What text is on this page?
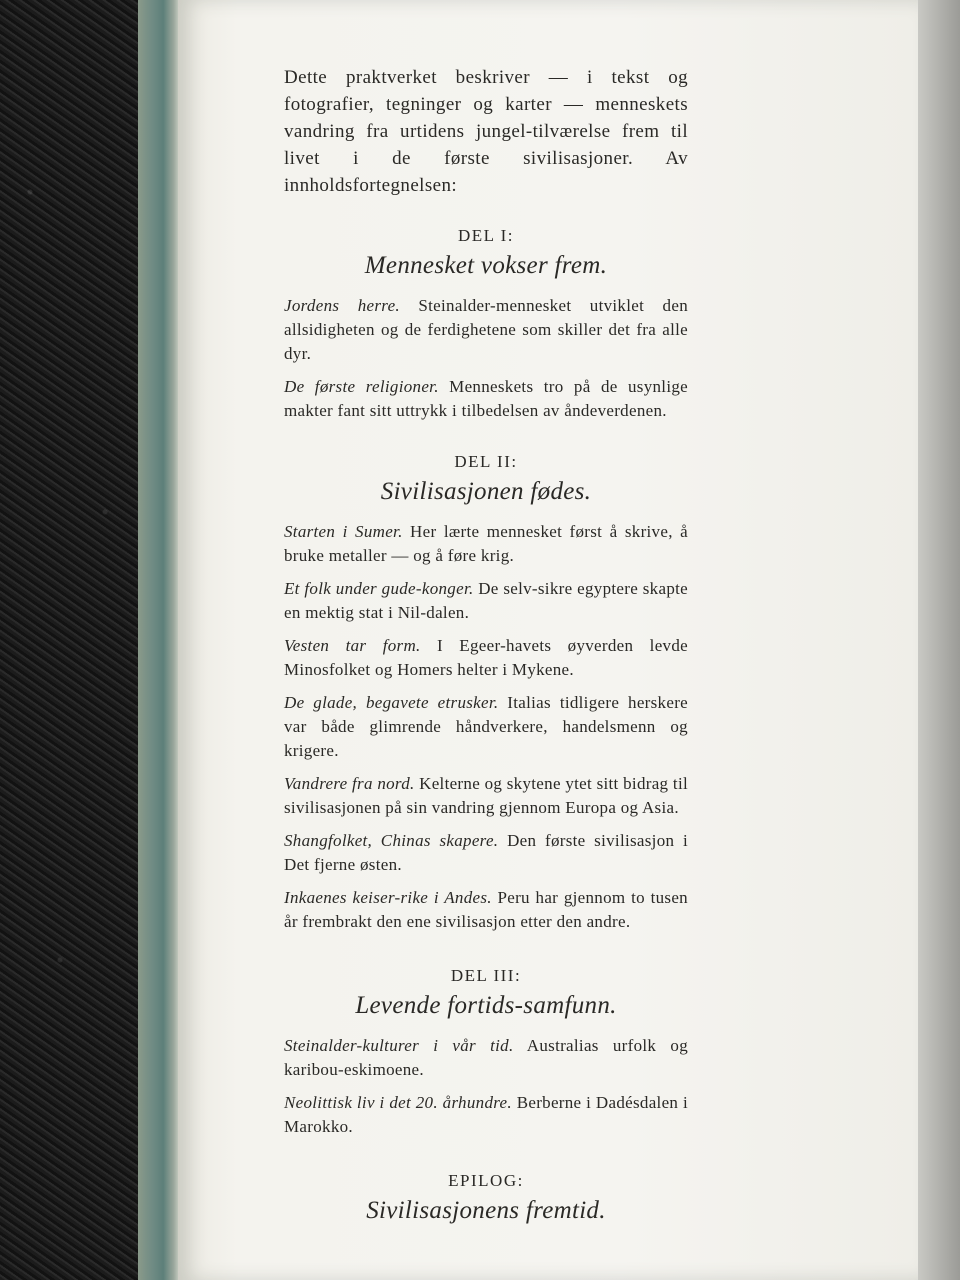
Dette praktverket beskriver — i tekst og fotografier, tegninger og karter — menneskets vandring fra urtidens jungel-tilværelse frem til livet i de første sivilisasjoner. Av innholdsfortegnelsen:

DEL I:

Mennesket vokser frem.

Jordens herre. Steinalder-mennesket utviklet den allsidigheten og de ferdighetene som skiller det fra alle dyr.

De første religioner. Menneskets tro på de usynlige makter fant sitt uttrykk i tilbedelsen av åndeverdenen.

DEL II:

Sivilisasjonen fødes.

Starten i Sumer. Her lærte mennesket først å skrive, å bruke metaller — og å føre krig.

Et folk under gude-konger. De selv-sikre egyptere skapte en mektig stat i Nil-dalen.

Vesten tar form. I Egeer-havets øyverden levde Minosfolket og Homers helter i Mykene.

De glade, begavete etrusker. Italias tidligere herskere var både glimrende håndverkere, handelsmenn og krigere.

Vandrere fra nord. Kelterne og skytene ytet sitt bidrag til sivilisasjonen på sin vandring gjennom Europa og Asia.

Shangfolket, Chinas skapere. Den første sivilisasjon i Det fjerne østen.

Inkaenes keiser-rike i Andes. Peru har gjennom to tusen år frembrakt den ene sivilisasjon etter den andre.

DEL III:

Levende fortids-samfunn.

Steinalder-kulturer i vår tid. Australias urfolk og karibou-eskimoene.

Neolittisk liv i det 20. århundre. Berberne i Dadésdalen i Marokko.

EPILOG:

Sivilisasjonens fremtid.
